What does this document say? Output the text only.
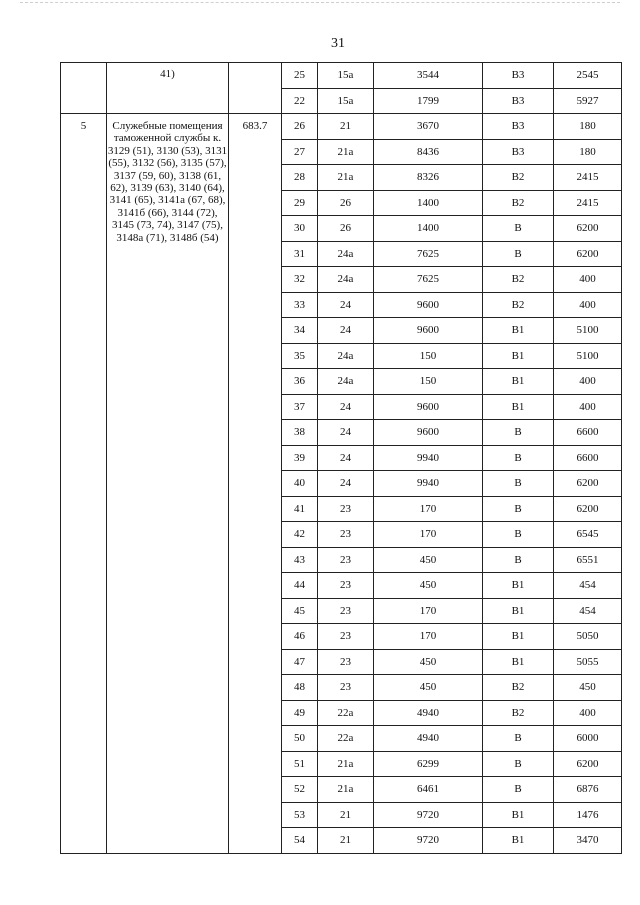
31
	41)		25	15а	3544	В3	2545
			22	15а	1799	В3	5927
5	Служебные помещения таможенной службы к. 3129 (51), 3130 (53), 3131 (55), 3132 (56), 3135 (57), 3137 (59, 60), 3138 (61, 62), 3139 (63), 3140 (64), 3141 (65), 3141а (67, 68), 3141б (66), 3144 (72), 3145 (73, 74), 3147 (75), 3148а (71), 3148б (54)	683.7	26	21	3670	В3	180
			27	21а	8436	В3	180
			28	21а	8326	В2	2415
			29	26	1400	В2	2415
			30	26	1400	В	6200
			31	24а	7625	В	6200
			32	24а	7625	В2	400
			33	24	9600	В2	400
			34	24	9600	В1	5100
			35	24а	150	В1	5100
			36	24а	150	В1	400
			37	24	9600	В1	400
			38	24	9600	В	6600
			39	24	9940	В	6600
			40	24	9940	В	6200
			41	23	170	В	6200
			42	23	170	В	6545
			43	23	450	В	6551
			44	23	450	В1	454
			45	23	170	В1	454
			46	23	170	В1	5050
			47	23	450	В1	5055
			48	23	450	В2	450
			49	22а	4940	В2	400
			50	22а	4940	В	6000
			51	21а	6299	В	6200
			52	21а	6461	В	6876
			53	21	9720	В1	1476
			54	21	9720	В1	3470
